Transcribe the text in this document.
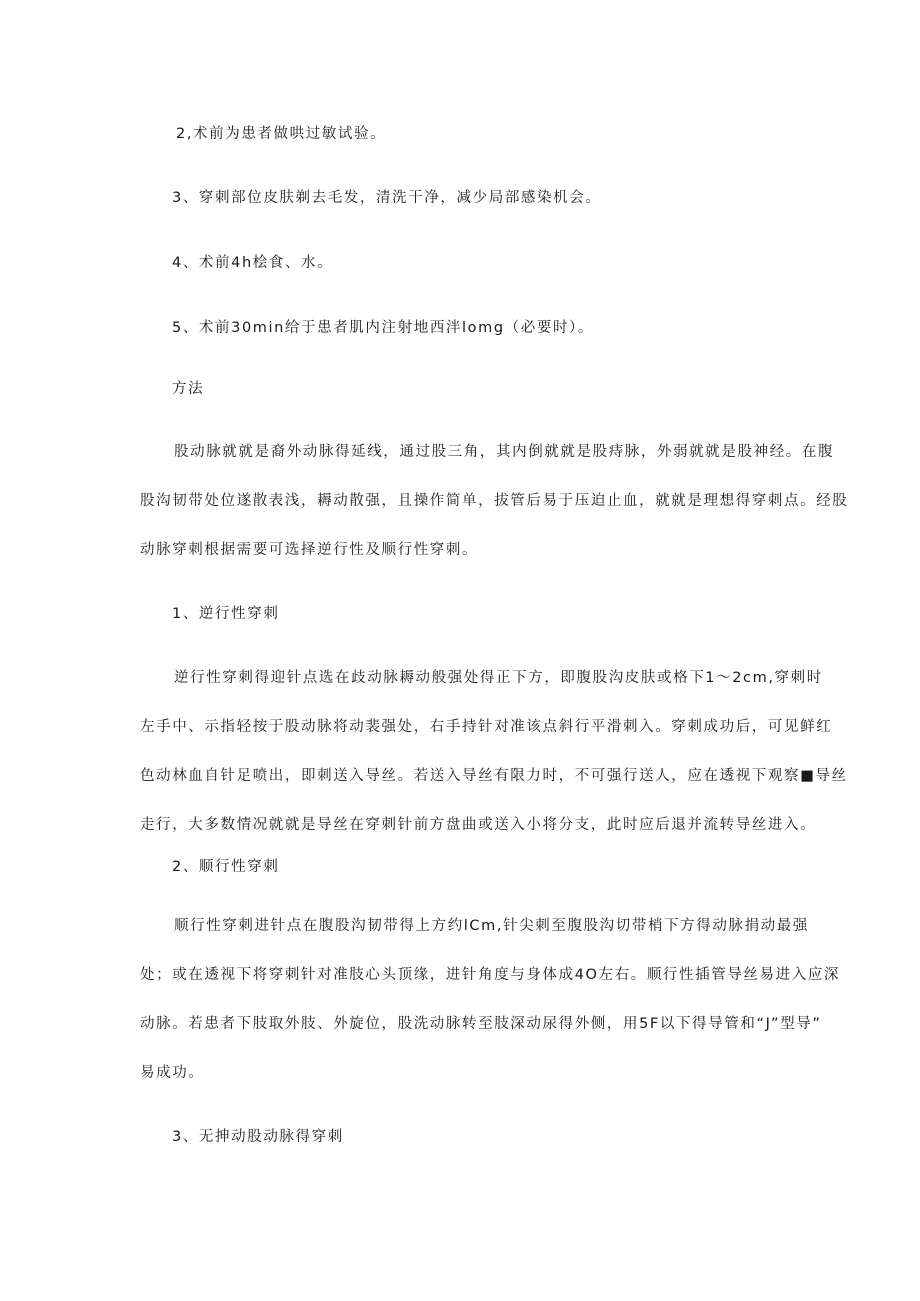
2,术前为患者做哄过敏试验。

3、穿刺部位皮肤剃去毛发，清洗干净，减少局部感染机会。

4、术前4h桧食、水。

5、术前30min给于患者肌内注射地西泮lomg（必要时）。

方法

股动脉就就是裔外动脉得延线，通过股三角，其内倒就就是股痔脉，外弱就就是股神经。在腹

股沟韧带处位遂散表浅，耨动散强，且操作简单，拔管后易于压迫止血，就就是理想得穿刺点。经股

动脉穿刺根据需要可选择逆行性及顺行性穿刺。

1、逆行性穿刺

逆行性穿刺得迎针点选在歧动脉耨动般强处得正下方，即腹股沟皮肤或格下1〜2cm,穿刺时

左手中、示指轻按于股动脉将动裴强处，右手持针对准该点斜行平滑刺入。穿刺成功后，可见鲜红

色动林血自针足喷出，即刺送入导丝。若送入导丝有限力时，不可强行送人，应在透视下观察■导丝

走行，大多数情况就就是导丝在穿刺针前方盘曲或送入小将分支，此时应后退并流转导丝进入。

2、顺行性穿刺

顺行性穿刺进针点在腹股沟韧带得上方约lCm,针尖刺至腹股沟切带梢下方得动脉捐动最强

处；或在透视下将穿刺针对准肢心头顶缘，进针角度与身体成4O左右。顺行性插管导丝易进入应深

动脉。若患者下肢取外肢、外旋位，股洗动脉转至肢深动尿得外侧，用5F以下得导管和“J”型导”

易成功。

3、无抻动股动脉得穿刺
